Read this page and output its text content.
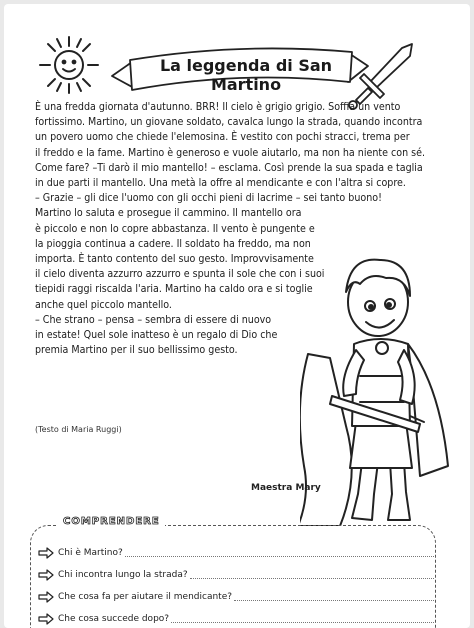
La leggenda di San Martino
È una fredda giornata d'autunno. BRR! Il cielo è grigio grigio. Soffia un vento
fortissimo. Martino, un giovane soldato, cavalca lungo la strada, quando incontra
un povero uomo che chiede l'elemosina. È vestito con pochi stracci, trema per
il freddo e la fame. Martino è generoso e vuole aiutarlo, ma non ha niente con sé.
Come fare? –Ti darò il mio mantello! – esclama. Così prende la sua spada e taglia
in due parti il mantello. Una metà la offre al mendicante e con l'altra si copre.
– Grazie – gli dice l'uomo con gli occhi pieni di lacrime – sei tanto buono!
Martino lo saluta e prosegue il cammino. Il mantello ora
è piccolo e non lo copre abbastanza. Il vento è pungente e
la pioggia continua a cadere. Il soldato ha freddo, ma non
importa. È tanto contento del suo gesto. Improvvisamente
il cielo diventa azzurro azzurro e spunta il sole che con i suoi
tiepidi raggi riscalda l'aria. Martino ha caldo ora e si toglie
anche quel piccolo mantello.
– Che strano – pensa – sembra di essere di nuovo
in estate! Quel sole inatteso è un regalo di Dio che
premia Martino per il suo bellissimo gesto.
(Testo di Maria Ruggi)
Maestra Mary
COMPRENDERE
Chi è Martino?
Chi incontra lungo la strada?
Che cosa fa per aiutare il mendicante?
Che cosa succede dopo?
